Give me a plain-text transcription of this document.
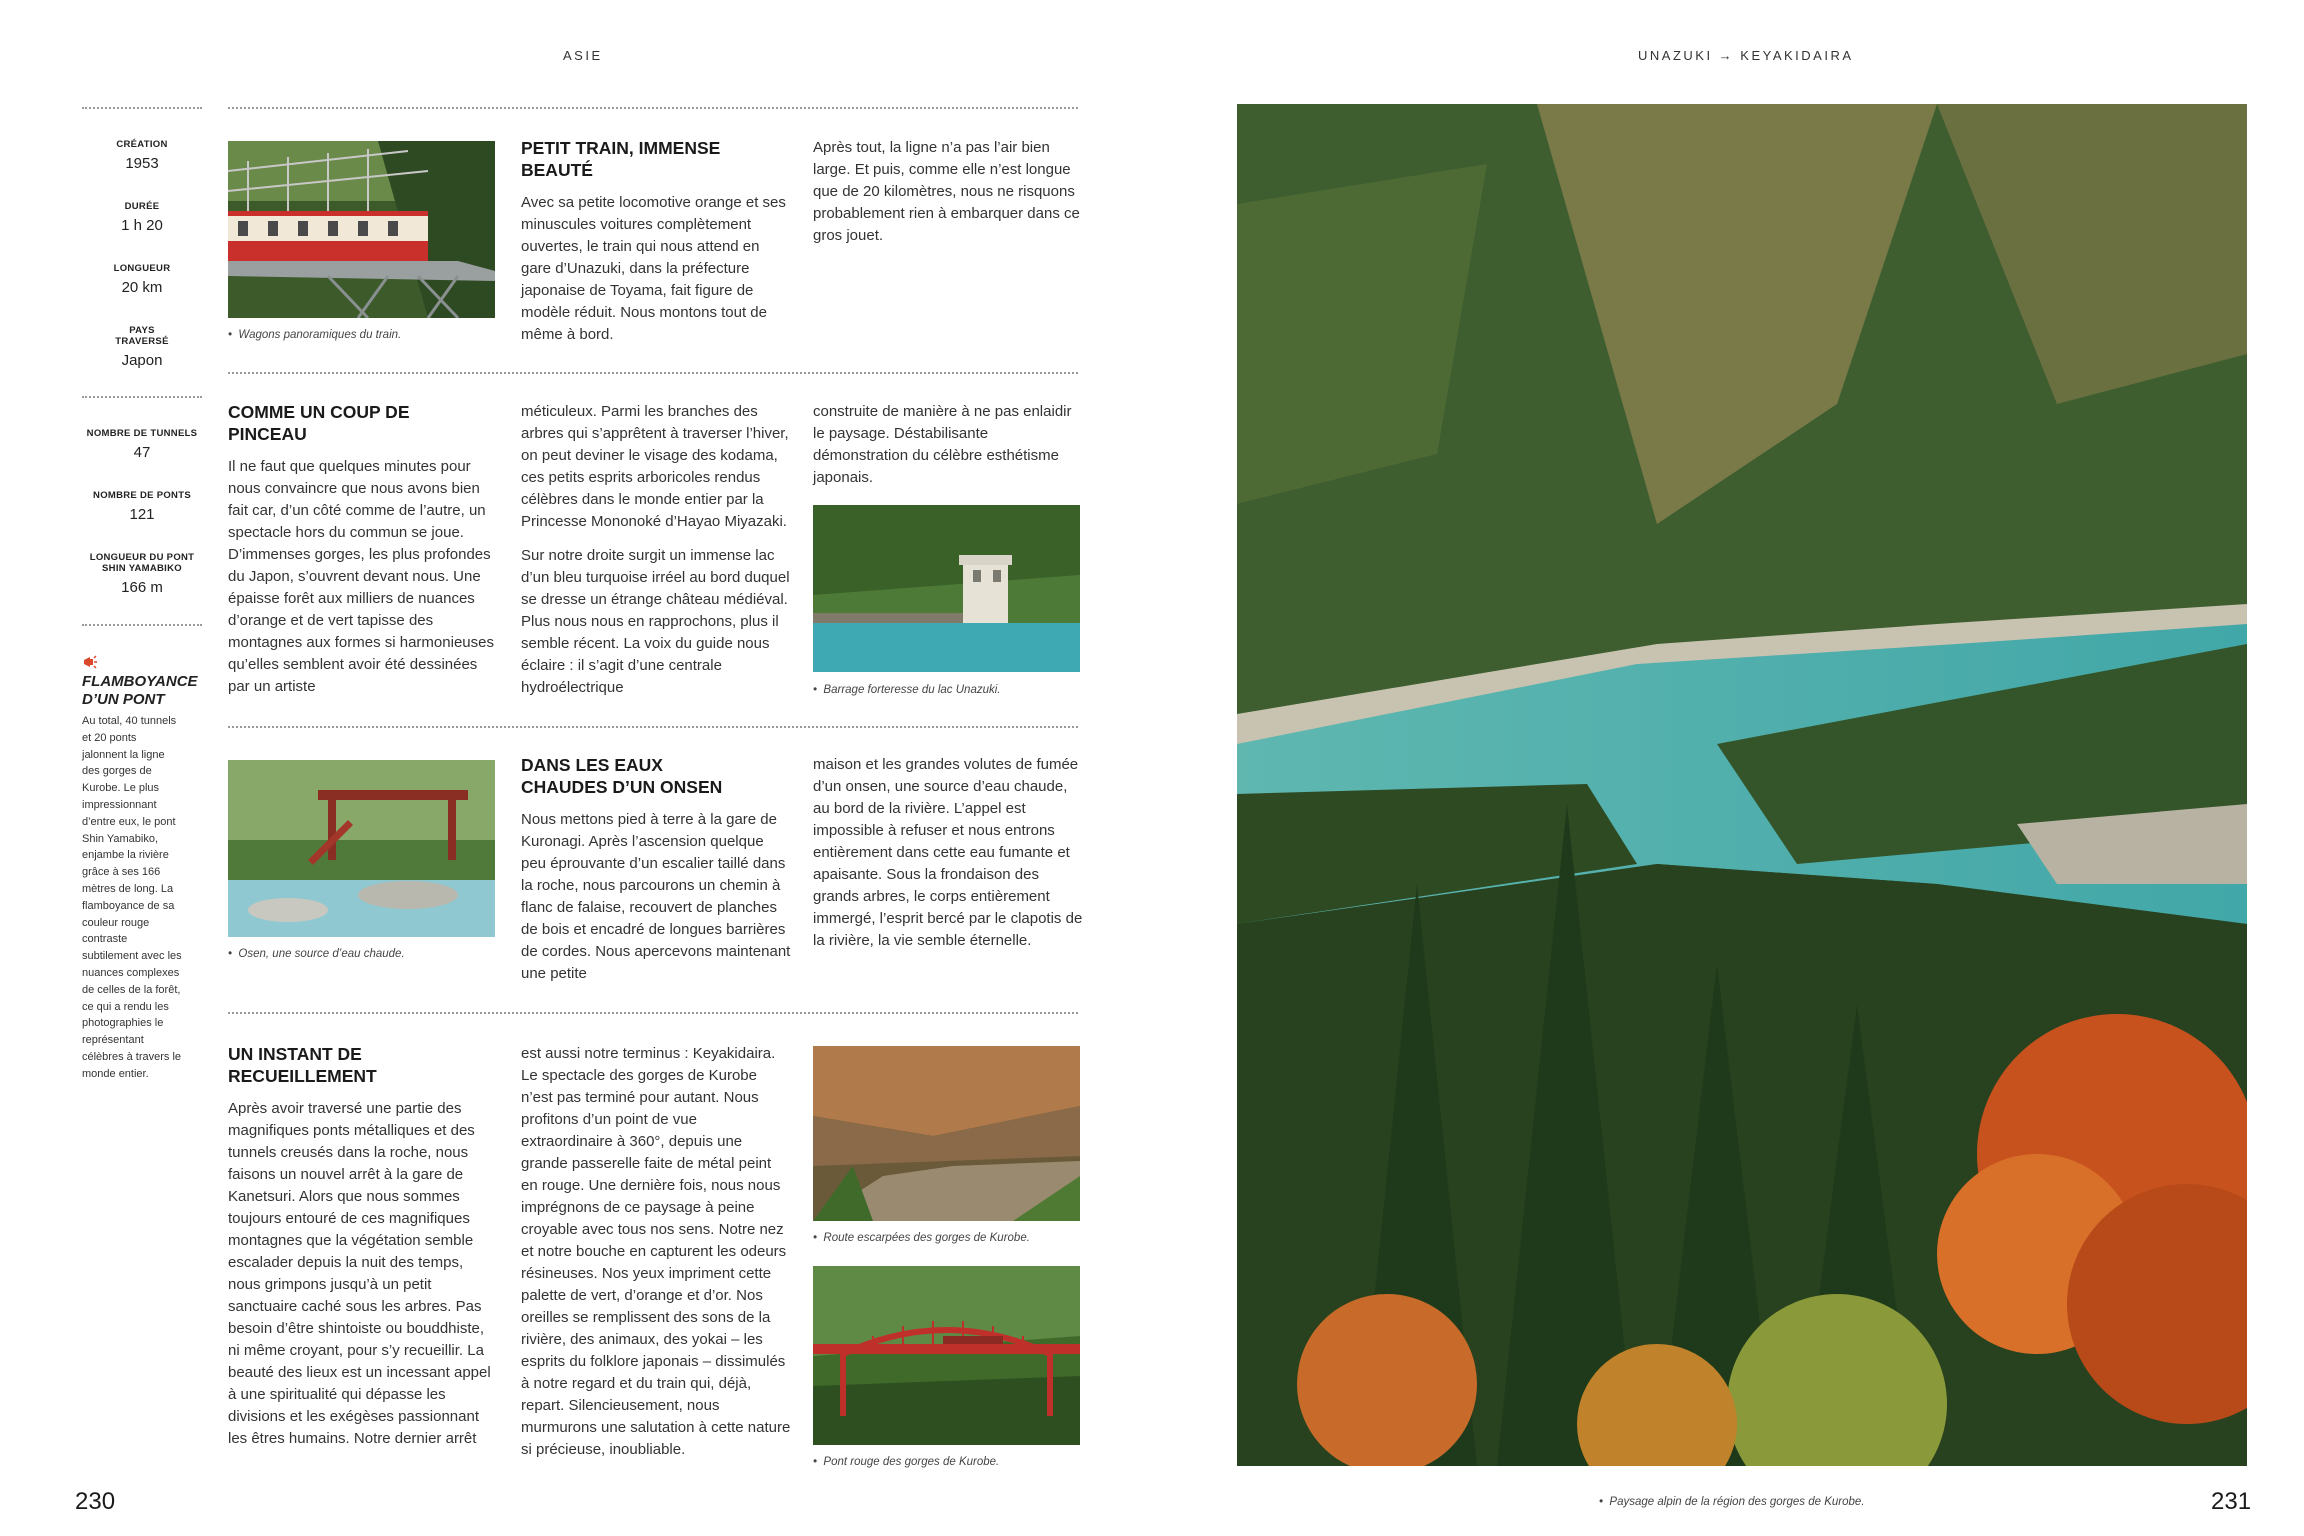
ASIE	UNAZUKI → KEYAKIDAIRA
CRÉATION
1953
DURÉE
1 h 20
LONGUEUR
20 km
PAYS TRAVERSÉ
Japon
NOMBRE DE TUNNELS
47
NOMBRE DE PONTS
121
LONGUEUR DU PONT SHIN YAMABIKO
166 m
FLAMBOYANCE D’UN PONT
Au total, 40 tunnels et 20 ponts jalonnent la ligne des gorges de Kurobe. Le plus impressionnant d’entre eux, le pont Shin Yamabiko, enjambe la rivière grâce à ses 166 mètres de long. La flamboyance de sa couleur rouge contraste subtilement avec les nuances complexes de celles de la forêt, ce qui a rendu les photographies le représentant célèbres à travers le monde entier.
•  Wagons panoramiques du train.
PETIT TRAIN, IMMENSE BEAUTÉ

Avec sa petite locomotive orange et ses minuscules voitures complètement ouvertes, le train qui nous attend en gare d’Unazuki, dans la préfecture japonaise de Toyama, fait figure de modèle réduit. Nous montons tout de même à bord.

Après tout, la ligne n’a pas l’air bien large. Et puis, comme elle n’est longue que de 20 kilomètres, nous ne risquons probablement rien à embarquer dans ce gros jouet.

COMME UN COUP DE PINCEAU

Il ne faut que quelques minutes pour nous convaincre que nous avons bien fait car, d’un côté comme de l’autre, un spectacle hors du commun se joue. D’immenses gorges, les plus profondes du Japon, s’ouvrent devant nous. Une épaisse forêt aux milliers de nuances d’orange et de vert tapisse des montagnes aux formes si harmonieuses qu’elles semblent avoir été dessinées par un artiste

méticuleux. Parmi les branches des arbres qui s’apprêtent à traverser l’hiver, on peut deviner le visage des kodama, ces petits esprits arboricoles rendus célèbres dans le monde entier par la Princesse Mononoké d’Hayao Miyazaki.

Sur notre droite surgit un immense lac d’un bleu turquoise irréel au bord duquel se dresse un étrange château médiéval. Plus nous nous en rapprochons, plus il semble récent. La voix du guide nous éclaire : il s’agit d’une centrale hydroélectrique

construite de manière à ne pas enlaidir le paysage. Déstabilisante démonstration du célèbre esthétisme japonais.

•  Barrage forteresse du lac Unazuki.
•  Osen, une source d’eau chaude.
DANS LES EAUX CHAUDES D’UN ONSEN

Nous mettons pied à terre à la gare de Kuronagi. Après l’ascension quelque peu éprouvante d’un escalier taillé dans la roche, nous parcourons un chemin à flanc de falaise, recouvert de planches de bois et encadré de longues barrières de cordes. Nous apercevons maintenant une petite

maison et les grandes volutes de fumée d’un onsen, une source d’eau chaude, au bord de la rivière. L’appel est impossible à refuser et nous entrons entièrement dans cette eau fumante et apaisante. Sous la frondaison des grands arbres, le corps entièrement immergé, l’esprit bercé par le clapotis de la rivière, la vie semble éternelle.

UN INSTANT DE RECUEILLEMENT

Après avoir traversé une partie des magnifiques ponts métalliques et des tunnels creusés dans la roche, nous faisons un nouvel arrêt à la gare de Kanetsuri. Alors que nous sommes toujours entouré de ces magnifiques montagnes que la végétation semble escalader depuis la nuit des temps, nous grimpons jusqu’à un petit sanctuaire caché sous les arbres. Pas besoin d’être shintoiste ou bouddhiste, ni même croyant, pour s’y recueillir. La beauté des lieux est un incessant appel à une spiritualité qui dépasse les divisions et les exégèses passionnant les êtres humains. Notre dernier arrêt

est aussi notre terminus : Keyakidaira. Le spectacle des gorges de Kurobe n’est pas terminé pour autant. Nous profitons d’un point de vue extraordinaire à 360°, depuis une grande passerelle faite de métal peint en rouge. Une dernière fois, nous nous imprégnons de ce paysage à peine croyable avec tous nos sens. Notre nez et notre bouche en capturent les odeurs résineuses. Nos yeux impriment cette palette de vert, d’orange et d’or. Nos oreilles se remplissent des sons de la rivière, des animaux, des yokai – les esprits du folklore japonais – dissimulés à notre regard et du train qui, déjà, repart. Silencieusement, nous murmurons une salutation à cette nature si précieuse, inoubliable.

•  Route escarpées des gorges de Kurobe.
•  Pont rouge des gorges de Kurobe.
•  Paysage alpin de la région des gorges de Kurobe.
230	231
